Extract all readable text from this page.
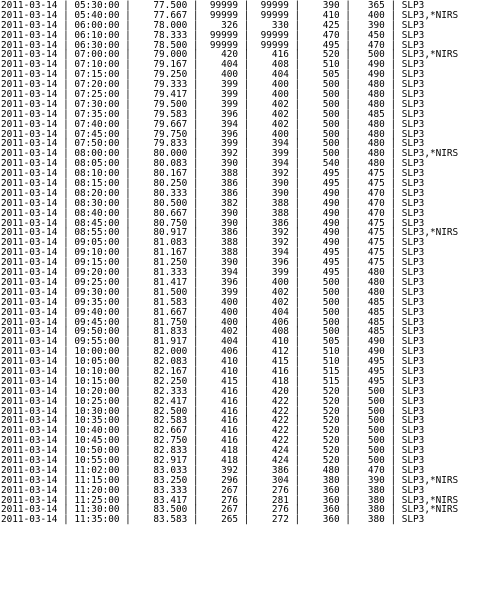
2011-03-14 | 05:30:00 |    77.500 |  99999 |  99999 |    390 |   365 | SLP3
2011-03-14 | 05:40:00 |    77.667 |  99999 |  99999 |    410 |   400 | SLP3,*NIRS
2011-03-14 | 06:00:00 |    78.000 |    326 |    330 |    425 |   390 | SLP3
2011-03-14 | 06:10:00 |    78.333 |  99999 |  99999 |    470 |   450 | SLP3
2011-03-14 | 06:30:00 |    78.500 |  99999 |  99999 |    495 |   470 | SLP3
2011-03-14 | 07:00:00 |    79.000 |    420 |    416 |    520 |   500 | SLP3,*NIRS
2011-03-14 | 07:10:00 |    79.167 |    404 |    408 |    510 |   490 | SLP3
2011-03-14 | 07:15:00 |    79.250 |    400 |    404 |    505 |   490 | SLP3
2011-03-14 | 07:20:00 |    79.333 |    399 |    400 |    500 |   480 | SLP3
2011-03-14 | 07:25:00 |    79.417 |    399 |    400 |    500 |   480 | SLP3
2011-03-14 | 07:30:00 |    79.500 |    399 |    402 |    500 |   480 | SLP3
2011-03-14 | 07:35:00 |    79.583 |    396 |    402 |    500 |   485 | SLP3
2011-03-14 | 07:40:00 |    79.667 |    394 |    402 |    500 |   480 | SLP3
2011-03-14 | 07:45:00 |    79.750 |    396 |    400 |    500 |   480 | SLP3
2011-03-14 | 07:50:00 |    79.833 |    399 |    394 |    500 |   480 | SLP3
2011-03-14 | 08:00:00 |    80.000 |    392 |    399 |    500 |   480 | SLP3,*NIRS
2011-03-14 | 08:05:00 |    80.083 |    390 |    394 |    540 |   480 | SLP3
2011-03-14 | 08:10:00 |    80.167 |    388 |    392 |    495 |   475 | SLP3
2011-03-14 | 08:15:00 |    80.250 |    386 |    390 |    495 |   475 | SLP3
2011-03-14 | 08:20:00 |    80.333 |    386 |    390 |    490 |   470 | SLP3
2011-03-14 | 08:30:00 |    80.500 |    382 |    388 |    490 |   470 | SLP3
2011-03-14 | 08:40:00 |    80.667 |    390 |    388 |    490 |   470 | SLP3
2011-03-14 | 08:45:00 |    80.750 |    390 |    386 |    490 |   475 | SLP3
2011-03-14 | 08:55:00 |    80.917 |    386 |    392 |    490 |   475 | SLP3,*NIRS
2011-03-14 | 09:05:00 |    81.083 |    388 |    392 |    490 |   475 | SLP3
2011-03-14 | 09:10:00 |    81.167 |    388 |    394 |    495 |   475 | SLP3
2011-03-14 | 09:15:00 |    81.250 |    390 |    396 |    495 |   475 | SLP3
2011-03-14 | 09:20:00 |    81.333 |    394 |    399 |    495 |   480 | SLP3
2011-03-14 | 09:25:00 |    81.417 |    396 |    400 |    500 |   480 | SLP3
2011-03-14 | 09:30:00 |    81.500 |    399 |    402 |    500 |   480 | SLP3
2011-03-14 | 09:35:00 |    81.583 |    400 |    402 |    500 |   485 | SLP3
2011-03-14 | 09:40:00 |    81.667 |    400 |    404 |    500 |   485 | SLP3
2011-03-14 | 09:45:00 |    81.750 |    400 |    406 |    500 |   485 | SLP3
2011-03-14 | 09:50:00 |    81.833 |    402 |    408 |    500 |   485 | SLP3
2011-03-14 | 09:55:00 |    81.917 |    404 |    410 |    505 |   490 | SLP3
2011-03-14 | 10:00:00 |    82.000 |    406 |    412 |    510 |   490 | SLP3
2011-03-14 | 10:05:00 |    82.083 |    410 |    415 |    510 |   495 | SLP3
2011-03-14 | 10:10:00 |    82.167 |    410 |    416 |    515 |   495 | SLP3
2011-03-14 | 10:15:00 |    82.250 |    415 |    418 |    515 |   495 | SLP3
2011-03-14 | 10:20:00 |    82.333 |    416 |    420 |    520 |   500 | SLP3
2011-03-14 | 10:25:00 |    82.417 |    416 |    422 |    520 |   500 | SLP3
2011-03-14 | 10:30:00 |    82.500 |    416 |    422 |    520 |   500 | SLP3
2011-03-14 | 10:35:00 |    82.583 |    416 |    422 |    520 |   500 | SLP3
2011-03-14 | 10:40:00 |    82.667 |    416 |    422 |    520 |   500 | SLP3
2011-03-14 | 10:45:00 |    82.750 |    416 |    422 |    520 |   500 | SLP3
2011-03-14 | 10:50:00 |    82.833 |    418 |    424 |    520 |   500 | SLP3
2011-03-14 | 10:55:00 |    82.917 |    418 |    424 |    520 |   500 | SLP3
2011-03-14 | 11:02:00 |    83.033 |    392 |    386 |    480 |   470 | SLP3
2011-03-14 | 11:15:00 |    83.250 |    296 |    304 |    380 |   390 | SLP3,*NIRS
2011-03-14 | 11:20:00 |    83.333 |    267 |    276 |    360 |   380 | SLP3
2011-03-14 | 11:25:00 |    83.417 |    276 |    281 |    360 |   380 | SLP3,*NIRS
2011-03-14 | 11:30:00 |    83.500 |    267 |    276 |    360 |   380 | SLP3,*NIRS
2011-03-14 | 11:35:00 |    83.583 |    265 |    272 |    360 |   380 | SLP3
